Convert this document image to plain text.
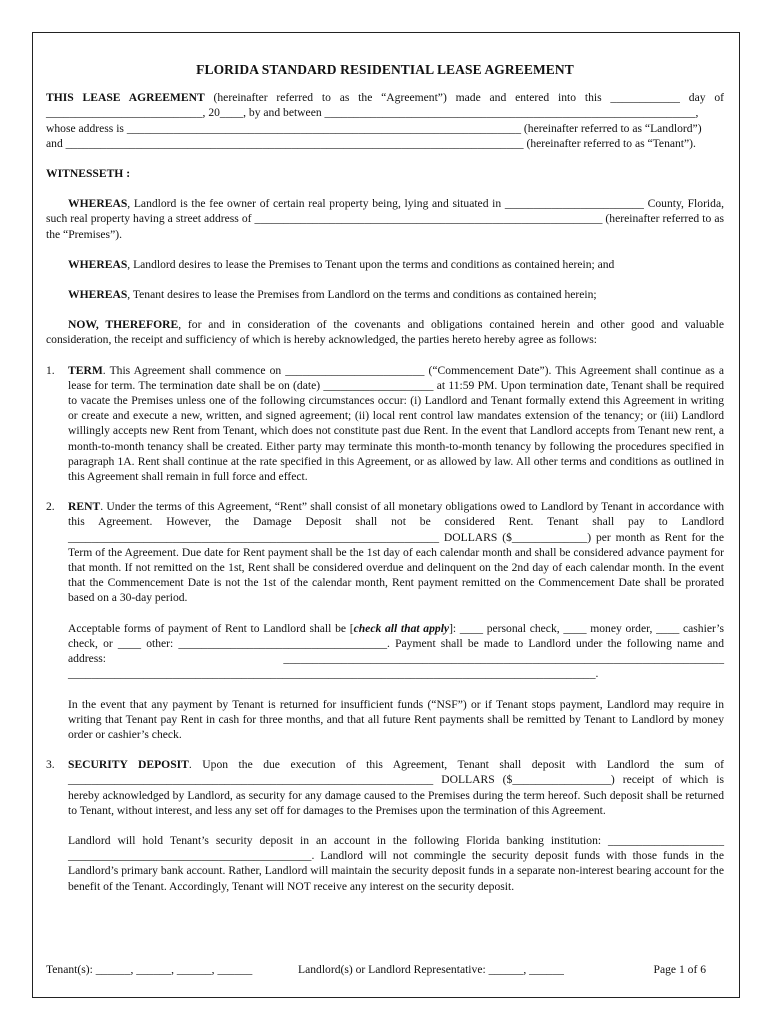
FLORIDA STANDARD RESIDENTIAL LEASE AGREEMENT

THIS LEASE AGREEMENT (hereinafter referred to as the “Agreement”) made and entered into this ____________ day of ___________________________, 20____, by and between ________________________________________________________________,

whose address is ____________________________________________________________________ (hereinafter referred to as “Landlord”)

and _______________________________________________________________________________ (hereinafter referred to as “Tenant”).

WITNESSETH :

WHEREAS, Landlord is the fee owner of certain real property being, lying and situated in ________________________ County, Florida, such real property having a street address of ____________________________________________________________ (hereinafter referred to as the “Premises”).

WHEREAS, Landlord desires to lease the Premises to Tenant upon the terms and conditions as contained herein; and

WHEREAS, Tenant desires to lease the Premises from Landlord on the terms and conditions as contained herein;

NOW, THEREFORE, for and in consideration of the covenants and obligations contained herein and other good and valuable consideration, the receipt and sufficiency of which is hereby acknowledged, the parties hereto hereby agree as follows:

1. TERM. This Agreement shall commence on ________________________ (“Commencement Date”). This Agreement shall continue as a lease for term. The termination date shall be on (date) ___________________ at 11:59 PM. Upon termination date, Tenant shall be required to vacate the Premises unless one of the following circumstances occur: (i) Landlord and Tenant formally extend this Agreement in writing or create and execute a new, written, and signed agreement; (ii) local rent control law mandates extension of the tenancy; or (iii) Landlord willingly accepts new Rent from Tenant, which does not constitute past due Rent. In the event that Landlord accepts from Tenant new rent, a month-to-month tenancy shall be created. Either party may terminate this month-to-month tenancy by following the procedures specified in paragraph 1A. Rent shall continue at the rate specified in this Agreement, or as allowed by law. All other terms and conditions as outlined in this Agreement shall remain in full force and effect.

2. RENT. Under the terms of this Agreement, “Rent” shall consist of all monetary obligations owed to Landlord by Tenant in accordance with this Agreement. However, the Damage Deposit shall not be considered Rent. Tenant shall pay to Landlord ________________________________________________________________ DOLLARS ($_____________) per month as Rent for the Term of the Agreement. Due date for Rent payment shall be the 1st day of each calendar month and shall be considered advance payment for that month. If not remitted on the 1st, Rent shall be considered overdue and delinquent on the 2nd day of each calendar month. In the event that the Commencement Date is not the 1st of the calendar month, Rent payment remitted on the Commencement Date shall be prorated based on a 30-day period.

Acceptable forms of payment of Rent to Landlord shall be [check all that apply]: ____ personal check, ____ money order, ____ cashier’s check, or ____ other: ____________________________________. Payment shall be made to Landlord under the following name and address: ____________________________________________________________________________ ___________________________________________________________________________________________.

In the event that any payment by Tenant is returned for insufficient funds (“NSF”) or if Tenant stops payment, Landlord may require in writing that Tenant pay Rent in cash for three months, and that all future Rent payments shall be remitted by Tenant to Landlord by money order or cashier’s check.

3. SECURITY DEPOSIT. Upon the due execution of this Agreement, Tenant shall deposit with Landlord the sum of _______________________________________________________________ DOLLARS ($_________________) receipt of which is hereby acknowledged by Landlord, as security for any damage caused to the Premises during the term hereof. Such deposit shall be returned to Tenant, without interest, and less any set off for damages to the Premises upon the termination of this Agreement.

Landlord will hold Tenant’s security deposit in an account in the following Florida banking institution: ____________________ __________________________________________. Landlord will not commingle the security deposit funds with those funds in the Landlord’s primary bank account. Rather, Landlord will maintain the security deposit funds in a separate non-interest bearing account for the benefit of the Tenant. Accordingly, Tenant will NOT receive any interest on the security deposit.

Tenant(s): ______, ______, ______, ______	Landlord(s) or Landlord Representative: ______, ______	Page 1 of 6
